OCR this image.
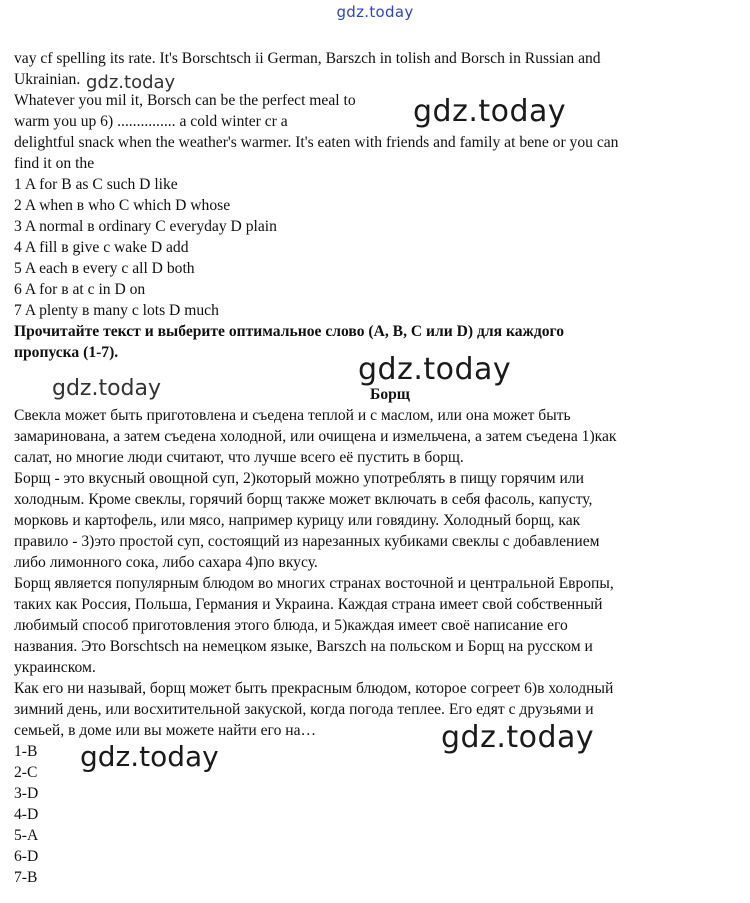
gdz.today
vay cf spelling its rate. It's Borschtsch ii German, Barszch in tolish and Borsch in Russian and
Ukrainian.
Whatever you mil it, Borsch can be the perfect meal to
warm you up 6) ............... a cold winter cr a
delightful snack when the weather's warmer. It's eaten with friends and family at bene or you can
find it on the
1 A for B as C such D like
2 A when в who C which D whose
3 A normal в ordinary C everyday D plain
4 A fill в give c wake D add
5 A each в every c all D both
6 A for в at c in D on
7 A plenty в many c lots D much
Прочитайте текст и выберите оптимальное слово (А, В, С или D) для каждого
пропуска (1-7).
Борщ
Свекла может быть приготовлена и съедена теплой и с маслом, или она может быть
замаринована, а затем съедена холодной, или очищена и измельчена, а затем съедена 1)как
салат, но многие люди считают, что лучше всего её пустить в борщ.
Борщ - это вкусный овощной суп, 2)который можно употреблять в пищу горячим или
холодным. Кроме свеклы, горячий борщ также может включать в себя фасоль, капусту,
морковь и картофель, или мясо, например курицу или говядину. Холодный борщ, как
правило - 3)это простой суп, состоящий из нарезанных кубиками свеклы с добавлением
либо лимонного сока, либо сахара 4)по вкусу.
Борщ является популярным блюдом во многих странах восточной и центральной Европы,
таких как Россия, Польша, Германия и Украина. Каждая страна имеет свой собственный
любимый способ приготовления этого блюда, и 5)каждая имеет своё написание его
названия. Это Borschtsch на немецком языке, Barszch на польском и Борщ на русском и
украинском.
Как его ни называй, борщ может быть прекрасным блюдом, которое согреет 6)в холодный
зимний день, или восхитительной закуской, когда погода теплее. Его едят с друзьями и
семьей, в доме или вы можете найти его на…
1-B
2-C
3-D
4-D
5-A
6-D
7-B
gdz.today
gdz.today
gdz.today
gdz.today
gdz.today
gdz.today
